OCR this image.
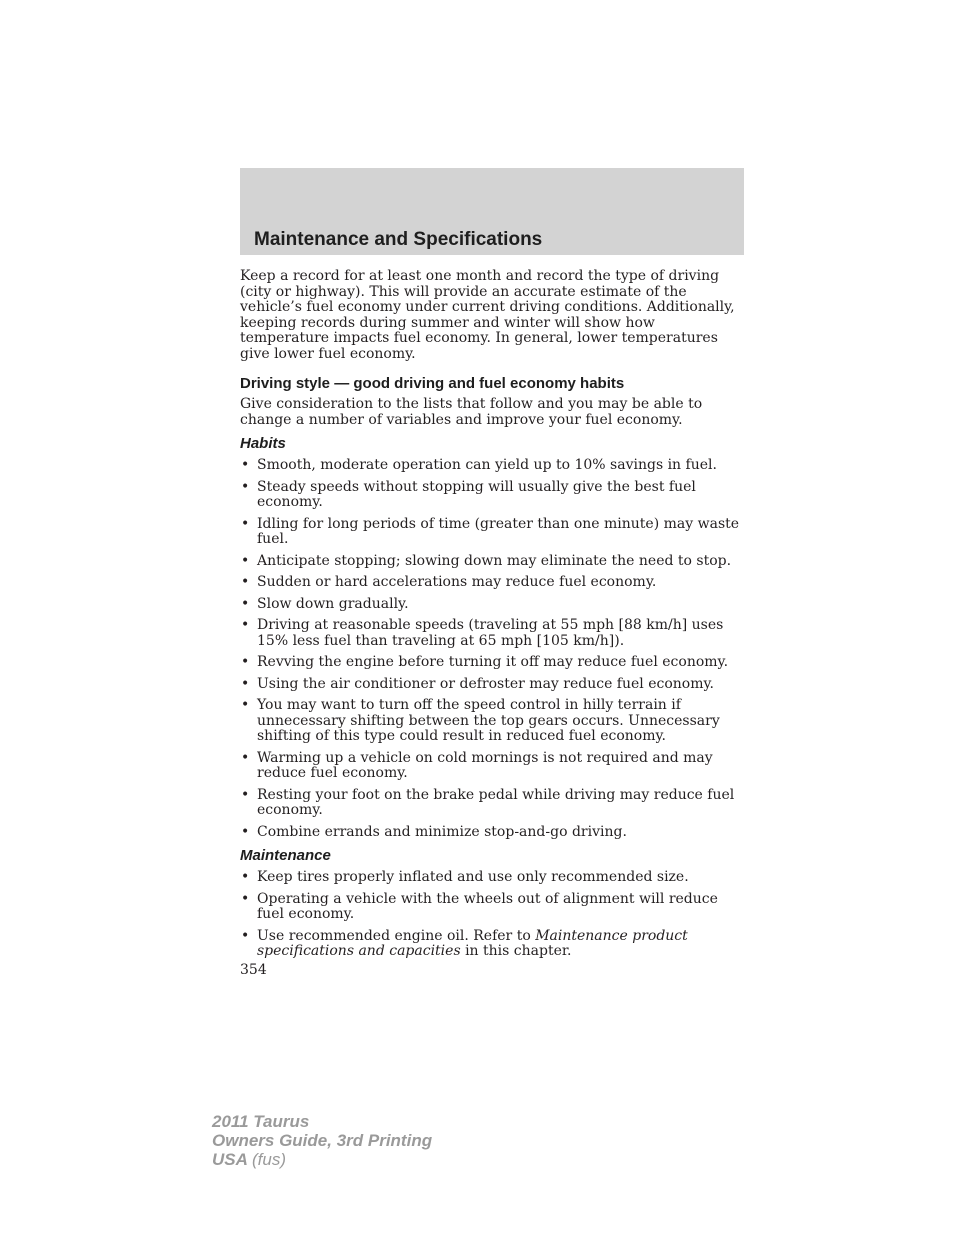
Maintenance and Specifications

Keep a record for at least one month and record the type of driving (city or highway). This will provide an accurate estimate of the vehicle’s fuel economy under current driving conditions. Additionally, keeping records during summer and winter will show how temperature impacts fuel economy. In general, lower temperatures give lower fuel economy.

Driving style — good driving and fuel economy habits

Give consideration to the lists that follow and you may be able to change a number of variables and improve your fuel economy.

Habits
• Smooth, moderate operation can yield up to 10% savings in fuel.
• Steady speeds without stopping will usually give the best fuel economy.
• Idling for long periods of time (greater than one minute) may waste fuel.
• Anticipate stopping; slowing down may eliminate the need to stop.
• Sudden or hard accelerations may reduce fuel economy.
• Slow down gradually.
• Driving at reasonable speeds (traveling at 55 mph [88 km/h] uses 15% less fuel than traveling at 65 mph [105 km/h]).
• Revving the engine before turning it off may reduce fuel economy.
• Using the air conditioner or defroster may reduce fuel economy.
• You may want to turn off the speed control in hilly terrain if unnecessary shifting between the top gears occurs. Unnecessary shifting of this type could result in reduced fuel economy.
• Warming up a vehicle on cold mornings is not required and may reduce fuel economy.
• Resting your foot on the brake pedal while driving may reduce fuel economy.
• Combine errands and minimize stop-and-go driving.
Maintenance
• Keep tires properly inflated and use only recommended size.
• Operating a vehicle with the wheels out of alignment will reduce fuel economy.
• Use recommended engine oil. Refer to Maintenance product specifications and capacities in this chapter.
354
2011 Taurus
Owners Guide, 3rd Printing
USA (fus)
